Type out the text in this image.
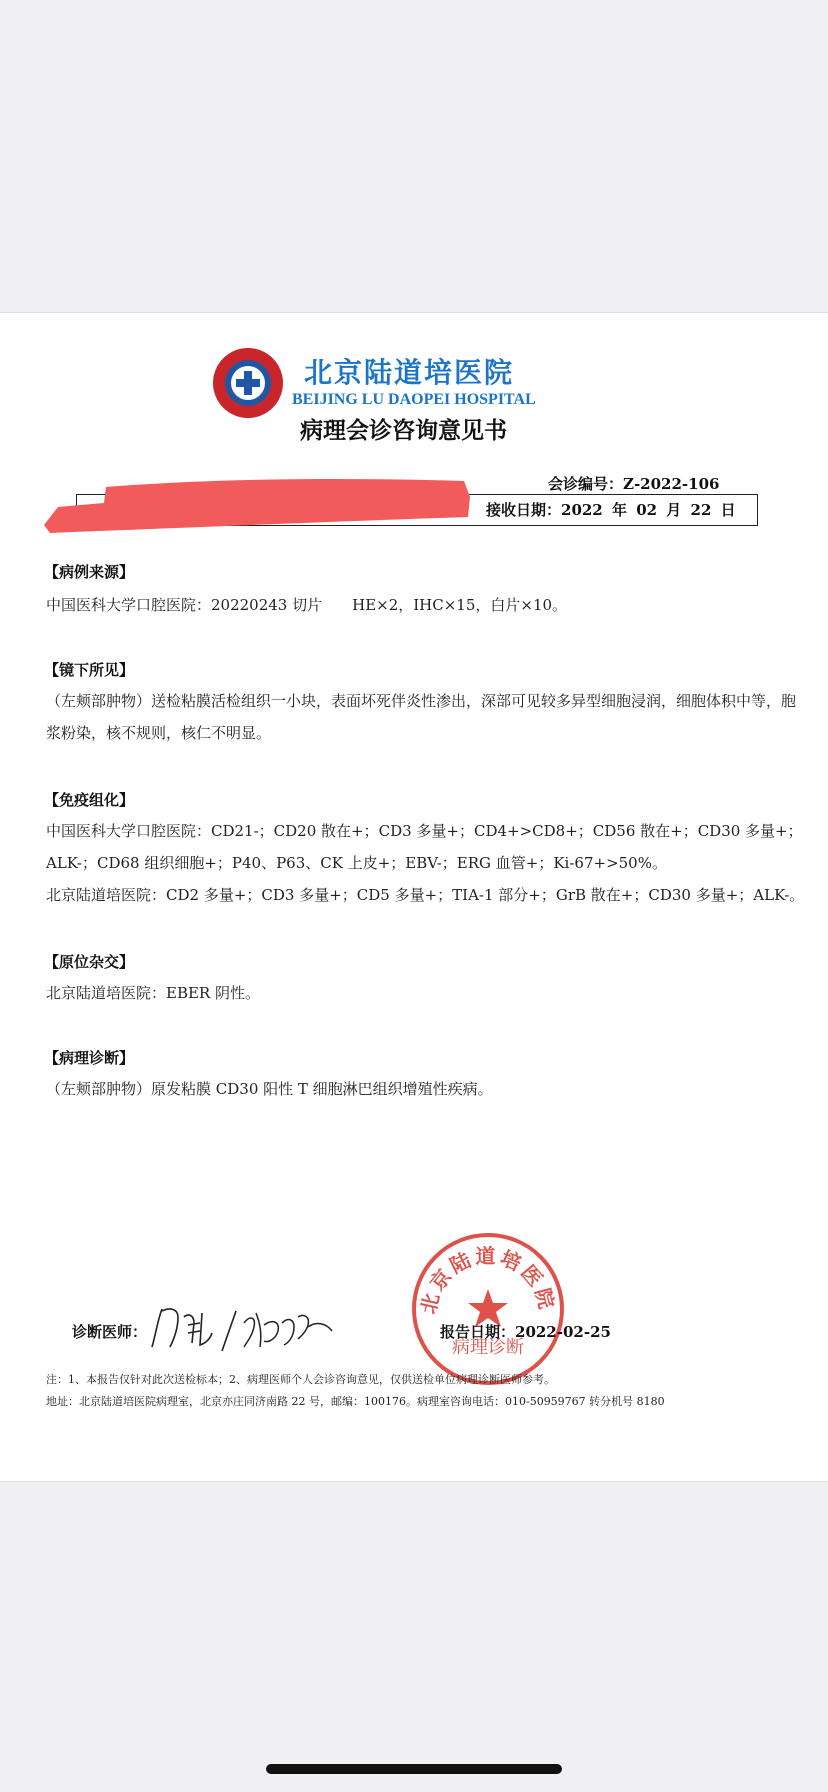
北京陆道培医院
BEIJING LU DAOPEI HOSPITAL
病理会诊咨询意见书
会诊编号：Z-2022-106
接收日期：2022 年 02 月 22 日
【病例来源】
中国医科大学口腔医院：20220243 切片　　HE×2，IHC×15，白片×10。
【镜下所见】
（左颊部肿物）送检粘膜活检组织一小块，表面坏死伴炎性渗出，深部可见较多异型细胞浸润，细胞体积中等，胞浆粉染，核不规则，核仁不明显。
【免疫组化】
中国医科大学口腔医院：CD21-；CD20 散在+；CD3 多量+；CD4+>CD8+；CD56 散在+；CD30 多量+；
ALK-；CD68 组织细胞+；P40、P63、CK 上皮+；EBV-；ERG 血管+；Ki-67+>50%。
北京陆道培医院：CD2 多量+；CD3 多量+；CD5 多量+；TIA-1 部分+；GrB 散在+；CD30 多量+；ALK-。
【原位杂交】
北京陆道培医院：EBER 阴性。
【病理诊断】
（左颊部肿物）原发粘膜 CD30 阳性 T 细胞淋巴组织增殖性疾病。
北京陆道培医院
病理诊断
诊断医师：	报告日期：2022-02-25
注：1、本报告仅针对此次送检标本；2、病理医师个人会诊咨询意见，仅供送检单位病理诊断医师参考。
地址：北京陆道培医院病理室，北京亦庄同济南路 22 号，邮编：100176。病理室咨询电话：010-50959767 转分机号 8180
